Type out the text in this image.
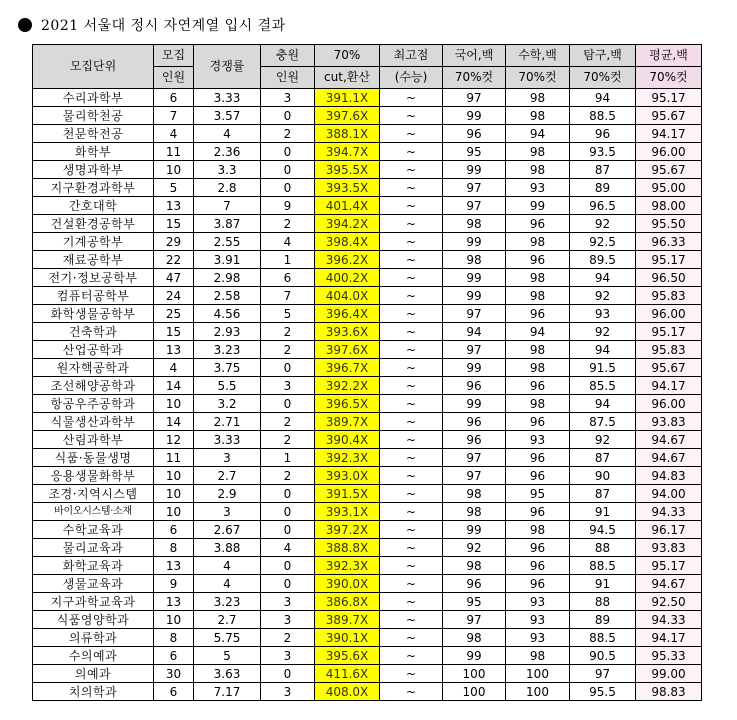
2021 서울대 정시 자연계열 입시 결과
모집단위	모집	경쟁률	충원	70%	최고점	국어,백	수학,백	탐구,백	평균,백
	인원		인원	cut,환산	(수능)	70%컷	70%컷	70%컷	70%컷
수리과학부	6	3.33	3	391.1X	~	97	98	94	95.17
물리학천공	7	3.57	0	397.6X	~	99	98	88.5	95.67
천문학전공	4	4	2	388.1X	~	96	94	96	94.17
화학부	11	2.36	0	394.7X	~	95	98	93.5	96.00
생명과학부	10	3.3	0	395.5X	~	99	98	87	95.67
지구환경과학부	5	2.8	0	393.5X	~	97	93	89	95.00
간호대학	13	7	9	401.4X	~	97	99	96.5	98.00
건설환경공학부	15	3.87	2	394.2X	~	98	96	92	95.50
기계공학부	29	2.55	4	398.4X	~	99	98	92.5	96.33
재료공학부	22	3.91	1	396.2X	~	98	96	89.5	95.17
전기·정보공학부	47	2.98	6	400.2X	~	99	98	94	96.50
컴퓨터공학부	24	2.58	7	404.0X	~	99	98	92	95.83
화학생물공학부	25	4.56	5	396.4X	~	97	96	93	96.00
건축학과	15	2.93	2	393.6X	~	94	94	92	95.17
산업공학과	13	3.23	2	397.6X	~	97	98	94	95.83
원자핵공학과	4	3.75	0	396.7X	~	99	98	91.5	95.67
조선해양공학과	14	5.5	3	392.2X	~	96	96	85.5	94.17
항공우주공학과	10	3.2	0	396.5X	~	99	98	94	96.00
식물생산과학부	14	2.71	2	389.7X	~	96	96	87.5	93.83
산림과학부	12	3.33	2	390.4X	~	96	93	92	94.67
식품·동물생명	11	3	1	392.3X	~	97	96	87	94.67
응용생물화학부	10	2.7	2	393.0X	~	97	96	90	94.83
조경·지역시스템	10	2.9	0	391.5X	~	98	95	87	94.00
바이오시스템·소재	10	3	0	393.1X	~	98	96	91	94.33
수학교육과	6	2.67	0	397.2X	~	99	98	94.5	96.17
물리교육과	8	3.88	4	388.8X	~	92	96	88	93.83
화학교육과	13	4	0	392.3X	~	98	96	88.5	95.17
생물교육과	9	4	0	390.0X	~	96	96	91	94.67
지구과학교육과	13	3.23	3	386.8X	~	95	93	88	92.50
식품영양학과	10	2.7	3	389.7X	~	97	93	89	94.33
의류학과	8	5.75	2	390.1X	~	98	93	88.5	94.17
수의예과	6	5	3	395.6X	~	99	98	90.5	95.33
의예과	30	3.63	0	411.6X	~	100	100	97	99.00
치의학과	6	7.17	3	408.0X	~	100	100	95.5	98.83
